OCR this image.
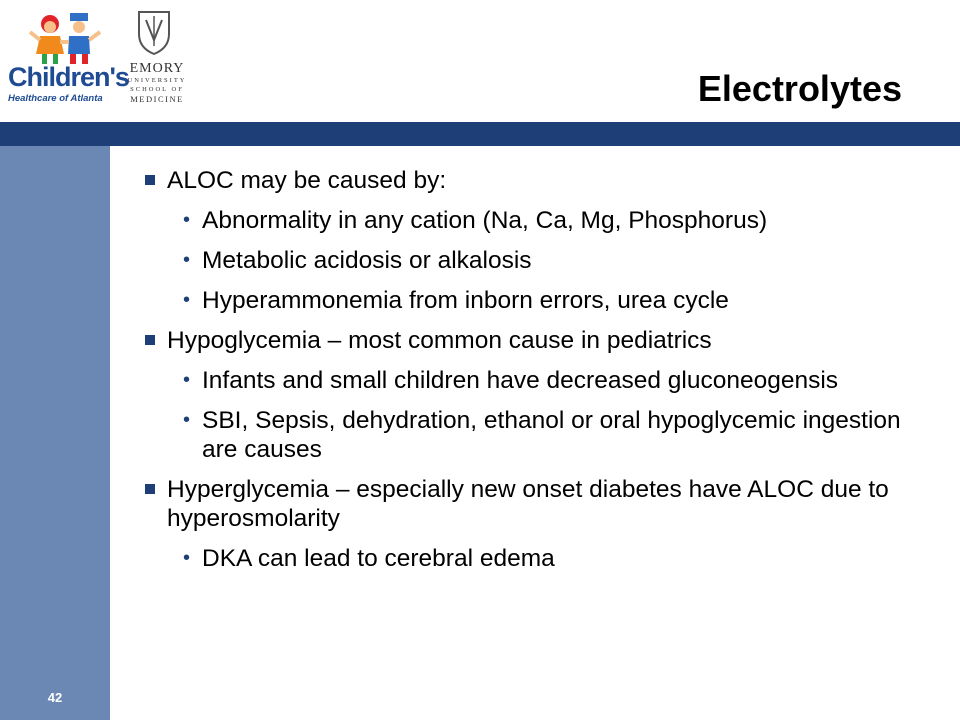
42
Children's
Healthcare of Atlanta
EMORY
UNIVERSITY
SCHOOL OF
MEDICINE	Electrolytes
ALOC may be caused by:
• Abnormality in any cation (Na, Ca, Mg, Phosphorus)
• Metabolic acidosis or alkalosis
• Hyperammonemia from inborn errors, urea cycle
Hypoglycemia – most common cause in pediatrics
• Infants and small children have decreased gluconeogensis
• SBI, Sepsis, dehydration, ethanol or oral hypoglycemic ingestion are causes
Hyperglycemia – especially new onset diabetes have ALOC due to hyperosmolarity
• DKA can lead to cerebral edema
